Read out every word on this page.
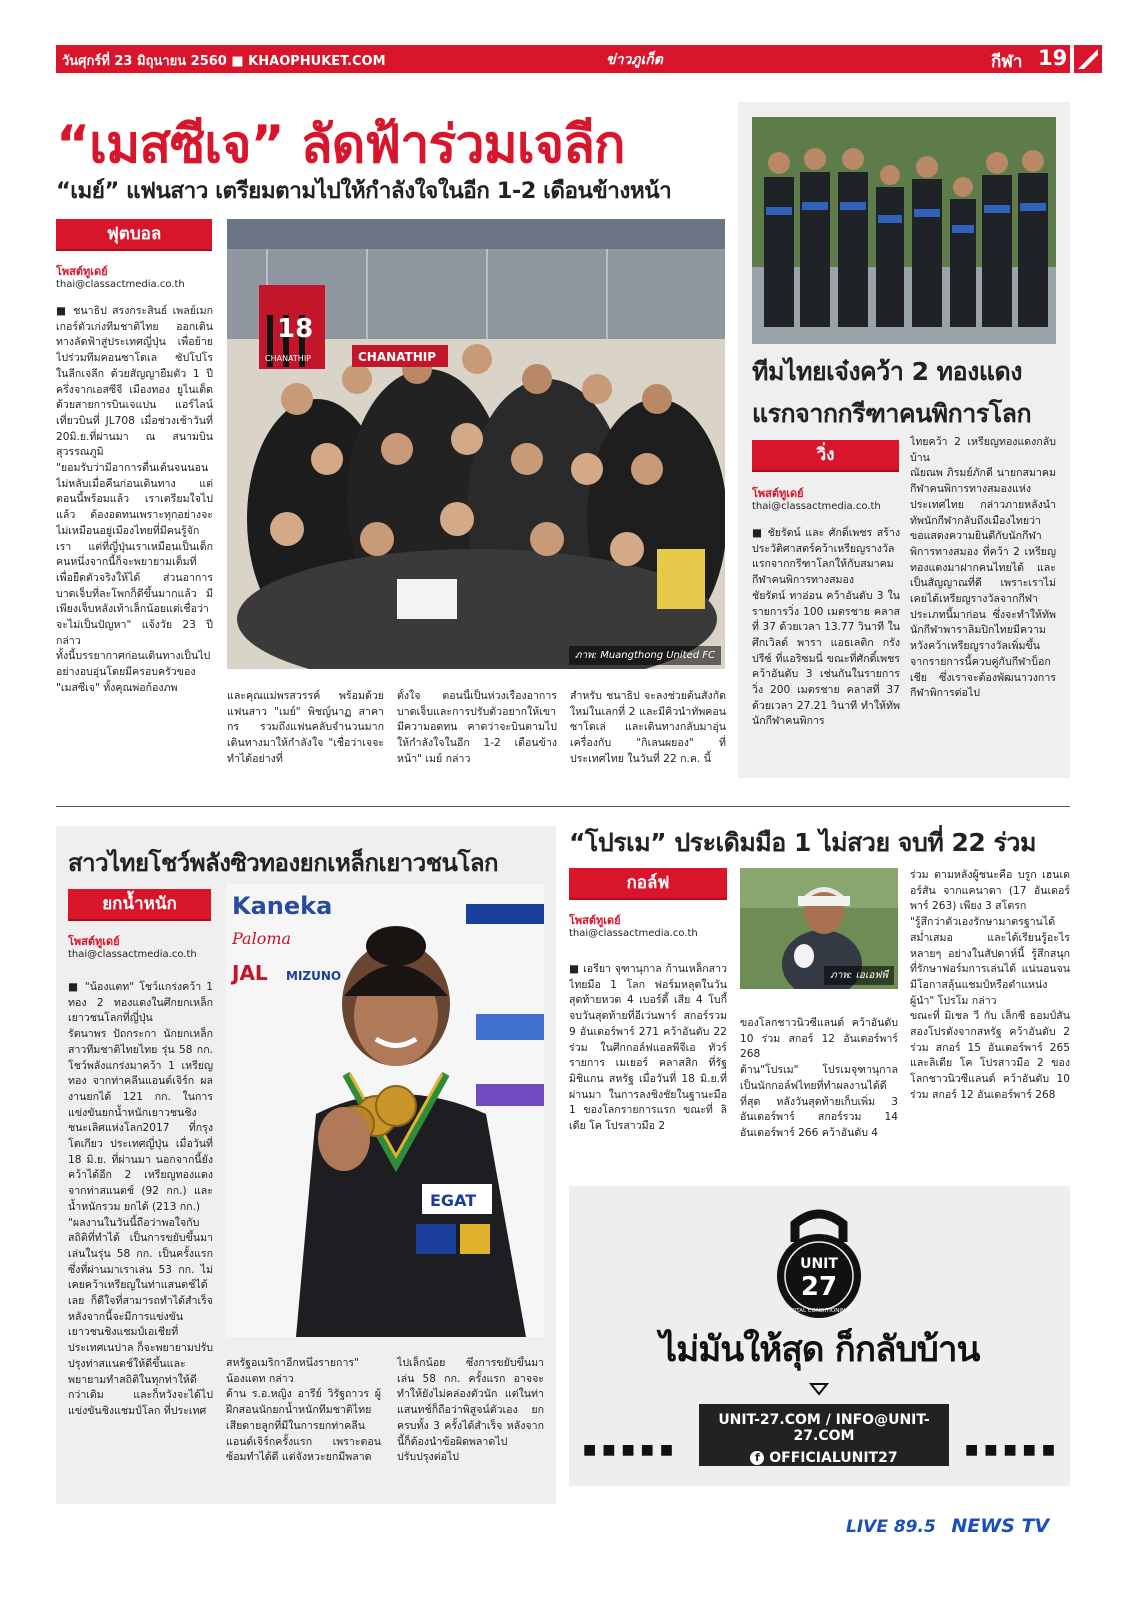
วันศุกร์ที่ 23 มิถุนายน 2560 ■ KHAOPHUKET.COM	ข่าวภูเก็ต	กีฬา 19
“เมสซีเจ” ลัดฟ้าร่วมเจลีก
“เมย์” แฟนสาว เตรียมตามไปให้กำลังใจในอีก 1-2 เดือนข้างหน้า
ฟุตบอล
โพสต์ทูเดย์
thai@classactmedia.co.th
18
CHANATHIP	CHANATHIP
ภาพ: Muangthong United FC

■ ชนาธิป สรงกระสินธ์ เพลย์เมกเกอร์ตัวเก่งทีมชาติไทย ออกเดินทางลัดฟ้าสู่ประเทศญี่ปุ่น เพื่อย้ายไปร่วมทีมคอนซาโดเล ซัปโปโร ในลีกเจลีก ด้วยสัญญายืมตัว 1 ปีครึ่งจากเอสซีจี เมืองทอง ยูไนเต็ด ด้วยสายการบินเจแปน แอร์ไลน์ เที่ยวบินที่ JL708 เมื่อช่วงเช้าวันที่ 20มิ.ย.ที่ผ่านมา ณ สนามบินสุวรรณภูมิ

"ยอมรับว่ามีอาการตื่นเต้นจนนอนไม่หลับเมื่อคืนก่อนเดินทาง แต่ตอนนี้พร้อมแล้ว เราเตรียมใจไปแล้ว ต้องอดทนเพราะทุกอย่างจะไม่เหมือนอยู่เมืองไทยที่มีคนรู้จักเรา แต่ที่ญี่ปุ่นเราเหมือนเป็นเด็กคนหนึ่งจากนี้ก็จะพยายามเต็มที่เพื่อยืดตัวจริงให้ได้ ส่วนอาการบาดเจ็บที่ละโพกก็ดีขึ้นมากแล้ว มีเพียงเจ็บหลังเท้าเล็กน้อยแต่เชื่อว่าจะไม่เป็นปัญหา" แจ้งวัย 23 ปีกล่าว

ทั้งนี้บรรยากาศก่อนเดินทางเป็นไปอย่างอบอุ่นโดยมีครอบครัวของ "เมสซีเจ" ทั้งคุณพ่อก้องภพ

และคุณแม่พรสวรรค์ พร้อมด้วยแฟนสาว "เมย์" พิชญ์นาฏ สาคากร รวมถึงแฟนคลับจำนวนมากเดินทางมาให้กำลังใจ "เชื่อว่าเจจะทำได้อย่างที่

ตั้งใจ ตอนนี้เป็นห่วงเรื่องอาการบาดเจ็บและการปรับตัวอยากให้เขามีความอดทน คาดว่าจะบินตามไปให้กำลังใจในอีก 1-2 เดือนข้างหน้า" เมย์ กล่าว

สำหรับ ชนาธิป จะลงช่วยต้นสังกัดใหม่ในเลกที่ 2 และมีคิวนำทัพคอนซาโดเล่ และเดินทางกลับมาอุ่นเครื่องกับ "กิเลนผยอง" ที่ประเทศไทย ในวันที่ 22 ก.ค. นี้

ทีมไทยเจ๋งคว้า 2 ทองแดง
แรกจากกรีฑาคนพิการโลก
วิ่ง
โพสต์ทูเดย์
thai@classactmedia.co.th

■ ชัยรัตน์ และ ศักดิ์เพชร สร้างประวัติศาสตร์คว้าเหรียญรางวัลแรกจากกรีฑาโลกให้กับสมาคมกีฬาคนพิการทางสมอง

ชัยรัตน์ ทาอ่อน คว้าอันดับ 3 ในรายการวิ่ง 100 เมตรชาย คลาสที่ 37 ด้วยเวลา 13.77 วินาที ในศึกเวิลด์ พารา แอธเลติก กรังปรีซ์ ที่แอริซมนี่ ขณะที่ศักดิ์เพชรคว้าอันดับ 3 เช่นกันในรายการวิ่ง 200 เมตรชาย คลาสที่ 37 ด้วยเวลา 27.21 วินาที ทำให้ทัพนักกีฬาคนพิการ

ไทยคว้า 2 เหรียญทองแดงกลับบ้าน

ณัยณพ ภิรมย์ภักดี นายกสมาคมกีฬาคนพิการทางสมองแห่งประเทศไทย กล่าวภายหลังนำทัพนักกีฬากลับถึงเมืองไทยว่า ขอแสดงความยินดีกับนักกีฬาพิการทางสมอง ที่คว้า 2 เหรียญทองแดงมาฝากคนไทยได้ และเป็นสัญญาณที่ดี เพราะเราไม่เคยได้เหรียญรางวัลจากกีฬาประเภทนี้มาก่อน ซึ่งจะทำให้ทัพนักกีฬาพาราลิมปิกไทยมีความหวังคว้าเหรียญรางวัลเพิ่มขึ้นจากรายการนี้ควบคู่กับกีฬาบ็อกเชีย ซึ่งเราจะต้องพัฒนาวงการกีฬาพิการต่อไป

สาวไทยโชว์พลังซิวทองยกเหล็กเยาวชนโลก
ยกน้ำหนัก
โพสต์ทูเดย์
thai@classactmedia.co.th
Kaneka
Paloma
JAL MIZUNO
EGAT

■ "น้องแตท" โชว์แกร่งคว้า 1 ทอง 2 ทองแดงในศึกยกเหล็กเยาวชนโลกที่ญี่ปุ่น

รัตนาพร ปัถกระกา นักยกเหล็กสาวทีมชาติไทยไทย รุ่น 58 กก. โชว์พลังแกร่งมาคว้า 1 เหรียญทอง จากท่าคลีนแอนด์เจิร์ก ผลงานยกได้ 121 กก. ในการแข่งขันยกน้ำหนักเยาวชนชิงชนะเลิศแห่งโลก2017 ที่กรุงโตเกียว ประเทศญี่ปุ่น เมื่อวันที่ 18 มิ.ย. ที่ผ่านมา นอกจากนี้ยังคว้าได้อีก 2 เหรียญทองแดง จากท่าสแนตช์ (92 กก.) และน้ำหนักรวม ยกได้ (213 กก.)

"ผลงานในวันนี้ถือว่าพอใจกับสถิติที่ทำได้ เป็นการขยับขึ้นมาเล่นในรุ่น 58 กก. เป็นครั้งแรก ซึ่งที่ผ่านมาเราเล่น 53 กก. ไม่เคยคว้าเหรียญในท่าแสนตช์ได้เลย ก็ดีใจที่สามารถทำได้สำเร็จ หลังจากนี้จะมีการแข่งขันเยาวชนชิงแชมป์เอเชียที่ประเทศเนปาล ก็จะพยายามปรับปรุงท่าสแนตช์ให้ดีขึ้นและพยายามทำสถิติในทุกท่าให้ดีกว่าเดิม และก็หวังจะได้ไปแข่งขันชิงแชมป์โลก ที่ประเทศ

สหรัฐอเมริกาอีกหนึ่งรายการ" น้องแตท กล่าว

ด้าน ร.อ.หญิง อารีย์ วิรัฐถาวร ผู้ฝึกสอนนักยกน้ำหนักทีมชาติไทย เสียดายลูกที่มีในการยกท่าคลีนแอนด์เจิร์กครั้งแรก เพราะตอนซ้อมทำได้ดี แต่จังหวะยกมีพลาด

ไปเล็กน้อย ซึ่งการขยับขึ้นมาเล่น 58 กก. ครั้งแรก อาจจะทำให้ยังไม่คล่องตัวนัก แต่ในท่าแสนทช์ก็ถือว่าพิสูจน์ตัวเอง ยกครบทั้ง 3 ครั้งได้สำเร็จ หลังจากนี้ก็ต้องนำข้อผิดพลาดไปปรับปรุงต่อไป

“โปรเม” ประเดิมมือ 1 ไม่สวย จบที่ 22 ร่วม
กอล์ฟ
โพสต์ทูเดย์
thai@classactmedia.co.th
ภาพ: เอเอฟพี

■ เอรียา จุฑานุกาล ก้านเหล็กสาวไทยมือ 1 โลก ฟอร์มหลุดในวันสุดท้ายหวด 4 เบอร์ดี้ เสีย 4 โบกี้ จบวันสุดท้ายที่อีเว่นพาร์ สกอร์รวม 9 อันเดอร์พาร์ 271 คว้าอันดับ 22 ร่วม ในศึกกอล์ฟแอลพีจีเอ ทัวร์ รายการ เมเยอร์ คลาสสิก ที่รัฐมิชิแกน สหรัฐ เมื่อวันที่ 18 มิ.ย.ที่ผ่านมา ในการลงชิงชัยในฐานะมือ 1 ของโลกรายการแรก ขณะที่ ลิเดีย โค โปรสาวมือ 2

ของโลกชาวนิวซีแลนด์ คว้าอันดับ 10 ร่วม สกอร์ 12 อันเดอร์พาร์ 268

ด้าน"โปรเม" โปรเมจุฑานุกาล เป็นนักกอล์ฟไทยที่ทำผลงานได้ดีที่สุด หลังวันสุดท้ายเก็บเพิ่ม 3 อันเดอร์พาร์ สกอร์รวม 14 อันเดอร์พาร์ 266 คว้าอันดับ 4

ร่วม ตามหลังผู้ชนะคือ บรูก เฮนเดอร์สัน จากแคนาดา (17 อันเดอร์พาร์ 263) เพียง 3 สโตรก

"รู้สึกว่าตัวเองรักษามาตรฐานได้สม่ำเสมอ และได้เรียนรู้อะไรหลายๆ อย่างในสัปดาห์นี้ รู้สึกสนุกที่รักษาฟอร์มการเล่นได้ แน่นอนจนมีโอกาสลุ้นแชมป์หรือตำแหน่งผู้นำ" โปรโม กล่าว

ขณะที่ มิเชล วี กับ เล็กซี ธอมป์สัน สองโปรดังจากสหรัฐ คว้าอันดับ 2 ร่วม สกอร์ 15 อันเดอร์พาร์ 265 และลิเดีย โค โปรสาวมือ 2 ของโลกชาวนิวซีแลนด์ คว้าอันดับ 10 ร่วม สกอร์ 12 อันเดอร์พาร์ 268

UNIT
27
TOTAL CONDITIONING
ไม่มันให้สุด ก็กลับบ้าน
■■■■■	■■■■■
UNIT-27.COM / INFO@UNIT-27.COM
f OFFICIALUNIT27
LIVE 89.5 NEWS TV
